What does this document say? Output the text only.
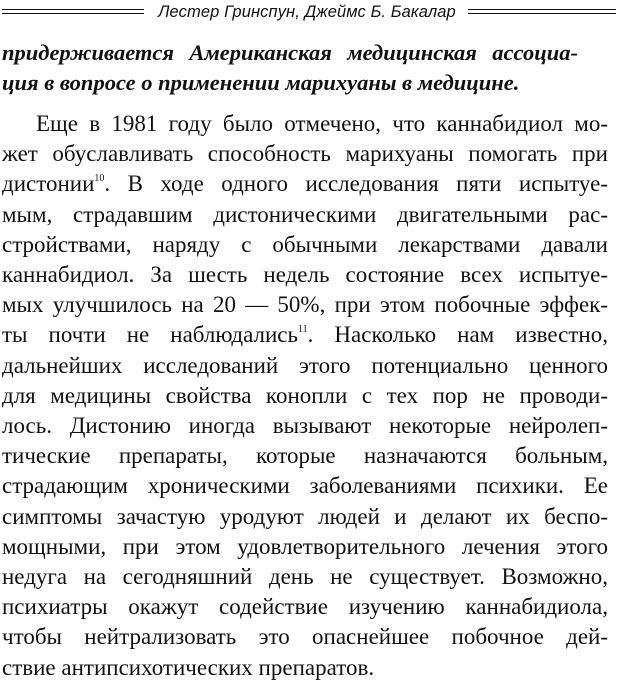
Лестер Гринспун, Джеймс Б. Бакалар
придерживается Американская медицинская ассоциа-
ция в вопросе о применении марихуаны в медицине.
Еще в 1981 году было отмечено, что каннабидиол мо-
жет обуславливать способность марихуаны помогать при
дистонии$^{10}$. В ходе одного исследования пяти испытуе-
мым, страдавшим дистоническими двигательными рас-
стройствами, наряду с обычными лекарствами давали
каннабидиол. За шесть недель состояние всех испытуе-
мых улучшилось на 20 — 50%, при этом побочные эффек-
ты почти не наблюдались$^{11}$. Насколько нам известно,
дальнейших исследований этого потенциально ценного
для медицины свойства конопли с тех пор не проводи-
лось. Дистонию иногда вызывают некоторые нейролеп-
тические препараты, которые назначаются больным,
страдающим хроническими заболеваниями психики. Ее
симптомы зачастую уродуют людей и делают их беспо-
мощными, при этом удовлетворительного лечения этого
недуга на сегодняшний день не существует. Возможно,
психиатры окажут содействие изучению каннабидиола,
чтобы нейтрализовать это опаснейшее побочное дей-
ствие антипсихотических препаратов.
